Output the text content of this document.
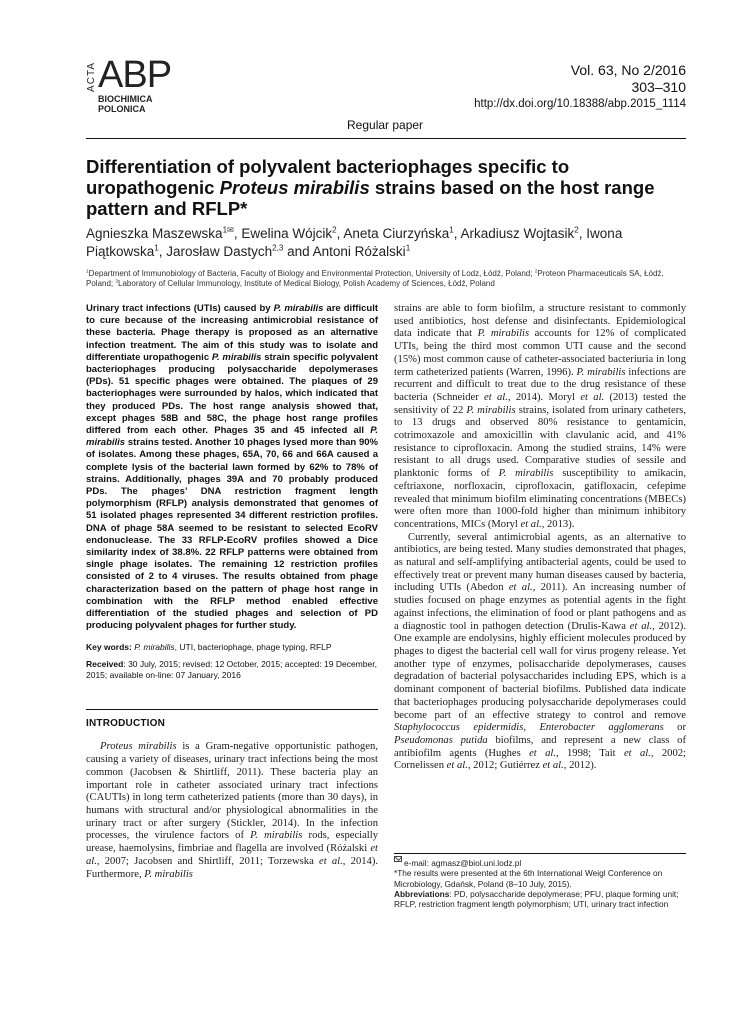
ACTA ABP
BIOCHIMICA
POLONICA
Vol. 63, No 2/2016
303–310
http://dx.doi.org/10.18388/abp.2015_1114
Regular paper
Differentiation of polyvalent bacteriophages specific to uropathogenic Proteus mirabilis strains based on the host range pattern and RFLP*
Agnieszka Maszewska$^{1✉}$, Ewelina Wójcik$^2$, Aneta Ciurzyńska$^1$, Arkadiusz Wojtasik$^2$, Iwona Piątkowska$^1$, Jarosław Dastych$^{2,3}$ and Antoni Różalski$^1$
$^1$Department of Immunobiology of Bacteria, Faculty of Biology and Environmental Protection, University of Lodz, Łódź, Poland; $^2$Proteon Pharmaceuticals SA, Łódź, Poland; $^3$Laboratory of Cellular Immunology, Institute of Medical Biology, Polish Academy of Sciences, Łódź, Poland
Urinary tract infections (UTIs) caused by P. mirabilis are difficult to cure because of the increasing antimicrobial resistance of these bacteria. Phage therapy is proposed as an alternative infection treatment. The aim of this study was to isolate and differentiate uropathogenic P. mirabilis strain specific polyvalent bacteriophages producing polysaccharide depolymerases (PDs). 51 specific phages were obtained. The plaques of 29 bacteriophages were surrounded by halos, which indicated that they produced PDs. The host range analysis showed that, except phages 58B and 58C, the phage host range profiles differed from each other. Phages 35 and 45 infected all P. mirabilis strains tested. Another 10 phages lysed more than 90% of isolates. Among these phages, 65A, 70, 66 and 66A caused a complete lysis of the bacterial lawn formed by 62% to 78% of strains. Additionally, phages 39A and 70 probably produced PDs. The phages’ DNA restriction fragment length polymorphism (RFLP) analysis demonstrated that genomes of 51 isolated phages represented 34 different restriction profiles. DNA of phage 58A seemed to be resistant to selected EcoRV endonuclease. The 33 RFLP-EcoRV profiles showed a Dice similarity index of 38.8%. 22 RFLP patterns were obtained from single phage isolates. The remaining 12 restriction profiles consisted of 2 to 4 viruses. The results obtained from phage characterization based on the pattern of phage host range in combination with the RFLP method enabled effective differentiation of the studied phages and selection of PD producing polyvalent phages for further study.
Key words: P. mirabilis, UTI, bacteriophage, phage typing, RFLP
Received: 30 July, 2015; revised: 12 October, 2015; accepted: 19 December, 2015; available on-line: 07 January, 2016
INTRODUCTION

Proteus mirabilis is a Gram-negative opportunistic pathogen, causing a variety of diseases, urinary tract infections being the most common (Jacobsen & Shirtliff, 2011). These bacteria play an important role in catheter associated urinary tract infections (CAUTIs) in long term catheterized patients (more than 30 days), in humans with structural and/or physiological abnormalities in the urinary tract or after surgery (Stickler, 2014). In the infection processes, the virulence factors of P. mirabilis rods, especially urease, haemolysins, fimbriae and flagella are involved (Różalski et al., 2007; Jacobsen and Shirtliff, 2011; Torzewska et al., 2014). Furthermore, P. mirabilis

strains are able to form biofilm, a structure resistant to commonly used antibiotics, host defense and disinfectants. Epidemiological data indicate that P. mirabilis accounts for 12% of complicated UTIs, being the third most common UTI cause and the second (15%) most common cause of catheter-associated bacteriuria in long term catheterized patients (Warren, 1996). P. mirabilis infections are recurrent and difficult to treat due to the drug resistance of these bacteria (Schneider et al., 2014). Moryl et al. (2013) tested the sensitivity of 22 P. mirabilis strains, isolated from urinary catheters, to 13 drugs and observed 80% resistance to gentamicin, cotrimoxazole and amoxicillin with clavulanic acid, and 41% resistance to ciprofloxacin. Among the studied strains, 14% were resistant to all drugs used. Comparative studies of sessile and planktonic forms of P. mirabilis susceptibility to amikacin, ceftriaxone, norfloxacin, ciprofloxacin, gatifloxacin, cefepime revealed that minimum biofilm eliminating concentrations (MBECs) were often more than 1000-fold higher than minimum inhibitory concentrations, MICs (Moryl et al., 2013).

Currently, several antimicrobial agents, as an alternative to antibiotics, are being tested. Many studies demonstrated that phages, as natural and self-amplifying antibacterial agents, could be used to effectively treat or prevent many human diseases caused by bacteria, including UTIs (Abedon et al., 2011). An increasing number of studies focused on phage enzymes as potential agents in the fight against infections, the elimination of food or plant pathogens and as a diagnostic tool in pathogen detection (Drulis-Kawa et al., 2012). One example are endolysins, highly efficient molecules produced by phages to digest the bacterial cell wall for virus progeny release. Yet another type of enzymes, polisaccharide depolymerases, causes degradation of bacterial polysaccharides including EPS, which is a dominant component of bacterial biofilms. Published data indicate that bacteriophages producing polysaccharide depolymerases could become part of an effective strategy to control and remove Staphylococcus epidermidis, Enterobacter agglomerans or Pseudomonas putida biofilms, and represent a new class of antibiofilm agents (Hughes et al., 1998; Tait et al., 2002; Cornelissen et al., 2012; Gutiérrez et al., 2012).

e-mail: agmasz@biol.uni.lodz.pl
*The results were presented at the 6th International Weigl Conference on Microbiology, Gdańsk, Poland (8–10 July, 2015).
Abbreviations: PD, polysaccharide depolymerase; PFU, plaque forming unit; RFLP, restriction fragment length polymorphism; UTI, urinary tract infection
